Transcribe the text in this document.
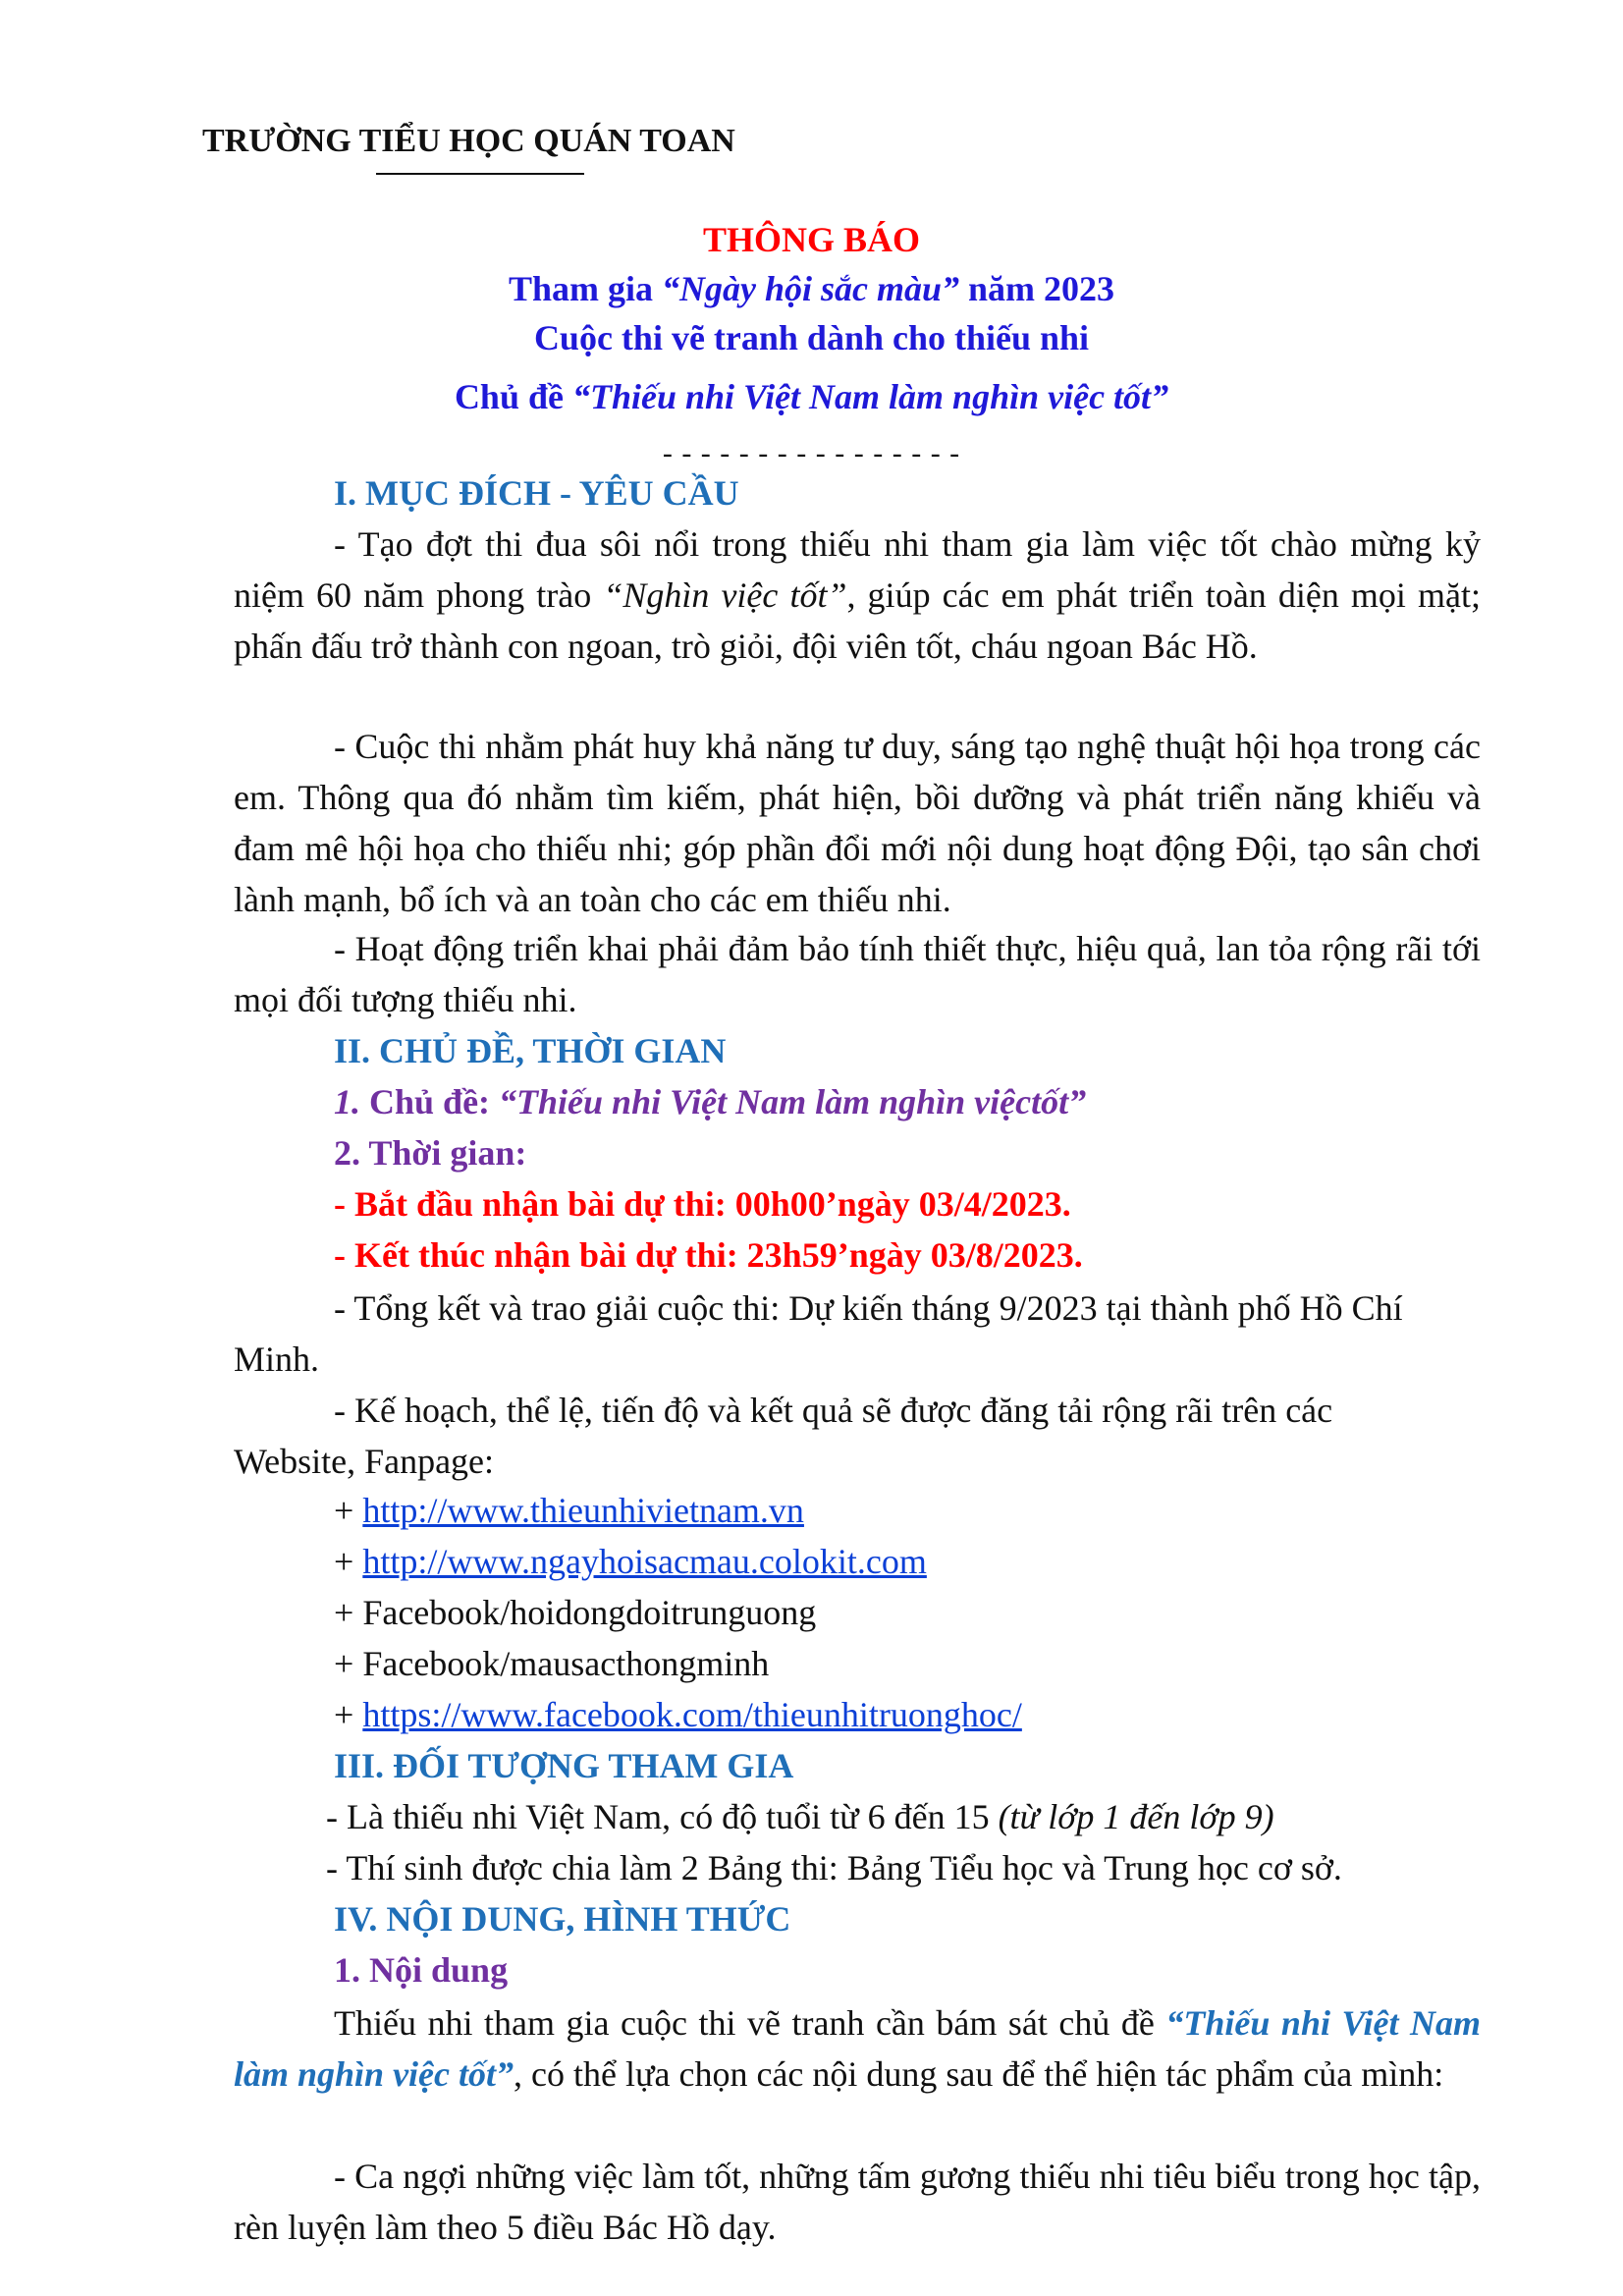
TRƯỜNG TIỂU HỌC QUÁN TOAN
THÔNG BÁO
Tham gia “Ngày hội sắc màu” năm 2023
Cuộc thi vẽ tranh dành cho thiếu nhi
Chủ đề “Thiếu nhi Việt Nam làm nghìn việc tốt”
- - - - - - - - - - - - - - - -
I. MỤC ĐÍCH - YÊU CẦU
- Tạo đợt thi đua sôi nổi trong thiếu nhi tham gia làm việc tốt chào mừng kỷ niệm 60 năm phong trào “Nghìn việc tốt”, giúp các em phát triển toàn diện mọi mặt; phấn đấu trở thành con ngoan, trò giỏi, đội viên tốt, cháu ngoan Bác Hồ.
- Cuộc thi nhằm phát huy khả năng tư duy, sáng tạo nghệ thuật hội họa trong các em. Thông qua đó nhằm tìm kiếm, phát hiện, bồi dưỡng và phát triển năng khiếu và đam mê hội họa cho thiếu nhi; góp phần đổi mới nội dung hoạt động Đội, tạo sân chơi lành mạnh, bổ ích và an toàn cho các em thiếu nhi.
- Hoạt động triển khai phải đảm bảo tính thiết thực, hiệu quả, lan tỏa rộng rãi tới mọi đối tượng thiếu nhi.
II. CHỦ ĐỀ, THỜI GIAN
1. Chủ đề: “Thiếu nhi Việt Nam làm nghìn việctốt”
2. Thời gian:
- Bắt đầu nhận bài dự thi: 00h00’ngày 03/4/2023.
- Kết thúc nhận bài dự thi: 23h59’ngày 03/8/2023.
- Tổng kết và trao giải cuộc thi: Dự kiến tháng 9/2023 tại thành phố Hồ Chí Minh.
- Kế hoạch, thể lệ, tiến độ và kết quả sẽ được đăng tải rộng rãi trên các Website, Fanpage:
+ http://www.thieunhivietnam.vn
+ http://www.ngayhoisacmau.colokit.com
+ Facebook/hoidongdoitrunguong
+ Facebook/mausacthongminh
+ https://www.facebook.com/thieunhitruonghoc/
III. ĐỐI TƯỢNG THAM GIA
- Là thiếu nhi Việt Nam, có độ tuổi từ 6 đến 15 (từ lớp 1 đến lớp 9)
- Thí sinh được chia làm 2 Bảng thi: Bảng Tiểu học và Trung học cơ sở.
IV. NỘI DUNG, HÌNH THỨC
1. Nội dung
Thiếu nhi tham gia cuộc thi vẽ tranh cần bám sát chủ đề “Thiếu nhi Việt Nam làm nghìn việc tốt”, có thể lựa chọn các nội dung sau để thể hiện tác phẩm của mình:
- Ca ngợi những việc làm tốt, những tấm gương thiếu nhi tiêu biểu trong học tập, rèn luyện làm theo 5 điều Bác Hồ dạy.
